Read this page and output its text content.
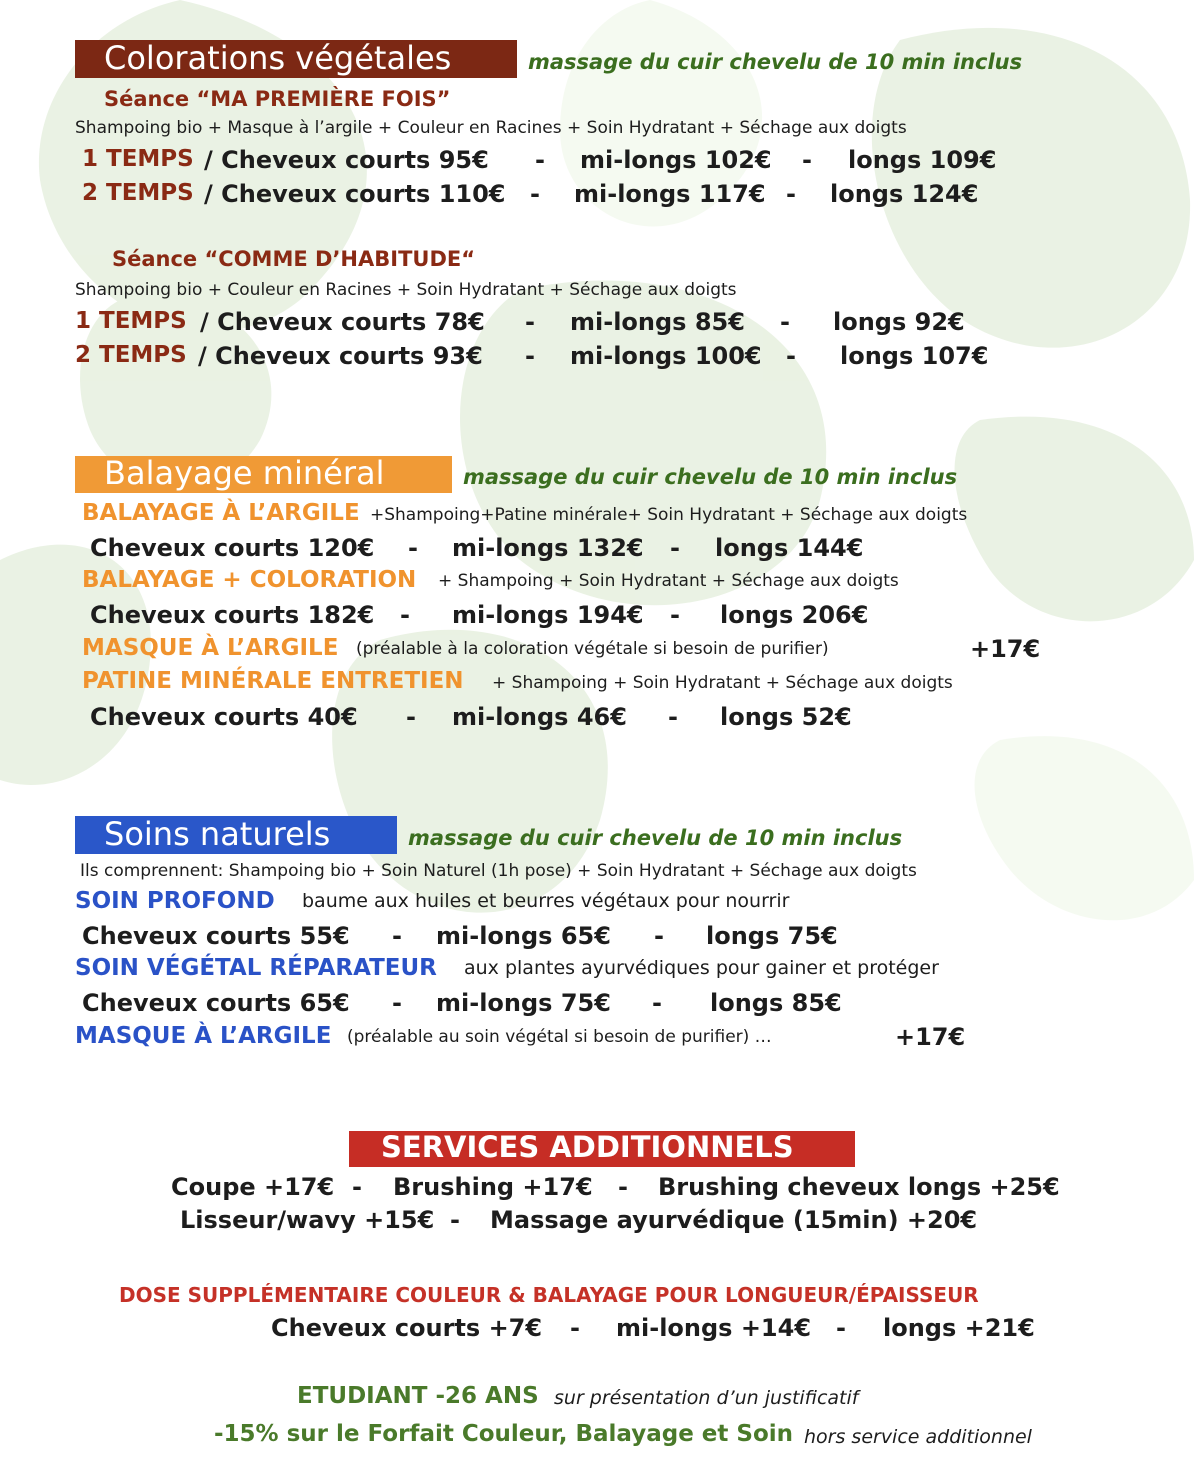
Colorations végétales	massage du cuir chevelu de 10 min inclus
Séance “MA PREMIÈRE FOIS”
Shampoing bio + Masque à l’argile + Couleur en Racines + Soin Hydratant + Séchage aux doigts
1 TEMPS / Cheveux courts 95€ - mi-longs 102€ - longs 109€
2 TEMPS / Cheveux courts 110€ - mi-longs 117€ - longs 124€
Séance “COMME D’HABITUDE“
Shampoing bio + Couleur en Racines + Soin Hydratant + Séchage aux doigts
1 TEMPS / Cheveux courts 78€ - mi-longs 85€ - longs 92€
2 TEMPS / Cheveux courts 93€ - mi-longs 100€ - longs 107€
Balayage minéral	massage du cuir chevelu de 10 min inclus
BALAYAGE À L’ARGILE +Shampoing+Patine minérale+ Soin Hydratant + Séchage aux doigts
Cheveux courts 120€ - mi-longs 132€ - longs 144€
BALAYAGE + COLORATION + Shampoing + Soin Hydratant + Séchage aux doigts
Cheveux courts 182€ - mi-longs 194€ - longs 206€
MASQUE À L’ARGILE (préalable à la coloration végétale si besoin de purifier)	+17€
PATINE MINÉRALE ENTRETIEN + Shampoing + Soin Hydratant + Séchage aux doigts
Cheveux courts 40€ - mi-longs 46€ - longs 52€
Soins naturels	massage du cuir chevelu de 10 min inclus
Ils comprennent: Shampoing bio + Soin Naturel (1h pose) + Soin Hydratant + Séchage aux doigts
SOIN PROFOND baume aux huiles et beurres végétaux pour nourrir
Cheveux courts 55€ - mi-longs 65€ - longs 75€
SOIN VÉGÉTAL RÉPARATEUR aux plantes ayurvédiques pour gainer et protéger
Cheveux courts 65€ - mi-longs 75€ - longs 85€
MASQUE À L’ARGILE (préalable au soin végétal si besoin de purifier) …	+17€
SERVICES ADDITIONNELS
Coupe +17€ - Brushing +17€ - Brushing cheveux longs +25€
Lisseur/wavy +15€ - Massage ayurvédique (15min) +20€
DOSE SUPPLÉMENTAIRE COULEUR & BALAYAGE POUR LONGUEUR/ÉPAISSEUR
Cheveux courts +7€ - mi-longs +14€ - longs +21€
ETUDIANT -26 ANS sur présentation d’un justificatif
-15% sur le Forfait Couleur, Balayage et Soin hors service additionnel
